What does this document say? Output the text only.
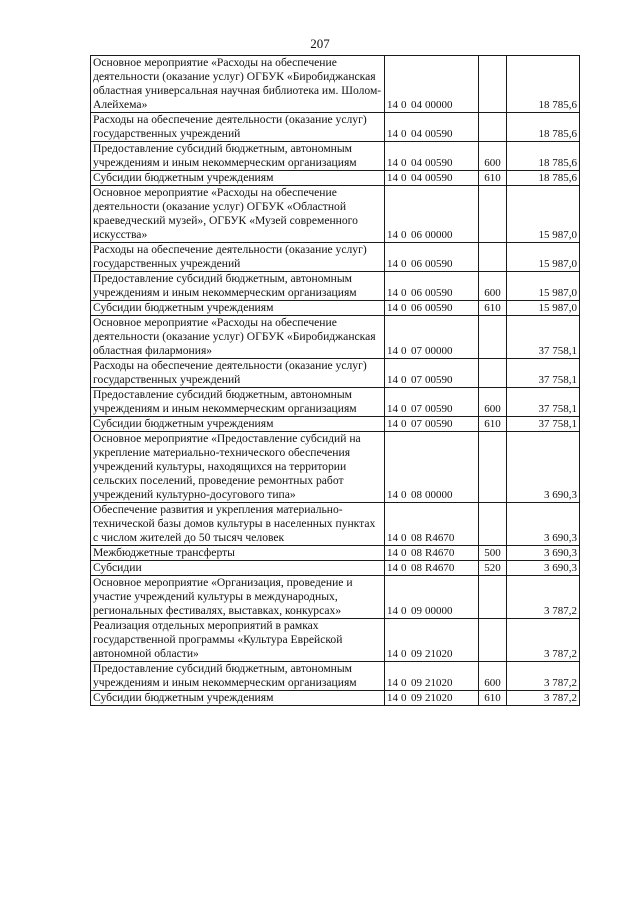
207
Основное мероприятие «Расходы на обеспечение деятельности (оказание услуг) ОГБУК «Биробиджанская областная универсальная научная библиотека им. Шолом-Алейхема»	14 0 04 00000		18 785,6
Расходы на обеспечение деятельности (оказание услуг) государственных учреждений	14 0 04 00590		18 785,6
Предоставление субсидий бюджетным, автономным учреждениям и иным некоммерческим организациям	14 0 04 00590	600	18 785,6
Субсидии бюджетным учреждениям	14 0 04 00590	610	18 785,6
Основное мероприятие «Расходы на обеспечение деятельности (оказание услуг) ОГБУК «Областной краеведческий музей», ОГБУК «Музей современного искусства»	14 0 06 00000		15 987,0
Расходы на обеспечение деятельности (оказание услуг) государственных учреждений	14 0 06 00590		15 987,0
Предоставление субсидий бюджетным, автономным учреждениям и иным некоммерческим организациям	14 0 06 00590	600	15 987,0
Субсидии бюджетным учреждениям	14 0 06 00590	610	15 987,0
Основное мероприятие «Расходы на обеспечение деятельности (оказание услуг) ОГБУК «Биробиджанская областная филармония»	14 0 07 00000		37 758,1
Расходы на обеспечение деятельности (оказание услуг) государственных учреждений	14 0 07 00590		37 758,1
Предоставление субсидий бюджетным, автономным учреждениям и иным некоммерческим организациям	14 0 07 00590	600	37 758,1
Субсидии бюджетным учреждениям	14 0 07 00590	610	37 758,1
Основное мероприятие «Предоставление субсидий на укрепление материально-технического обеспечения учреждений культуры, находящихся на территории сельских поселений, проведение ремонтных работ учреждений культурно-досугового типа»	14 0 08 00000		3 690,3
Обеспечение развития и укрепления материально-технической базы домов культуры в населенных пунктах с числом жителей до 50 тысяч человек	14 0 08 R4670		3 690,3
Межбюджетные трансферты	14 0 08 R4670	500	3 690,3
Субсидии	14 0 08 R4670	520	3 690,3
Основное мероприятие «Организация, проведение и участие учреждений культуры в международных, региональных фестивалях, выставках, конкурсах»	14 0 09 00000		3 787,2
Реализация отдельных мероприятий в рамках государственной программы «Культура Еврейской автономной области»	14 0 09 21020		3 787,2
Предоставление субсидий бюджетным, автономным учреждениям и иным некоммерческим организациям	14 0 09 21020	600	3 787,2
Субсидии бюджетным учреждениям	14 0 09 21020	610	3 787,2
